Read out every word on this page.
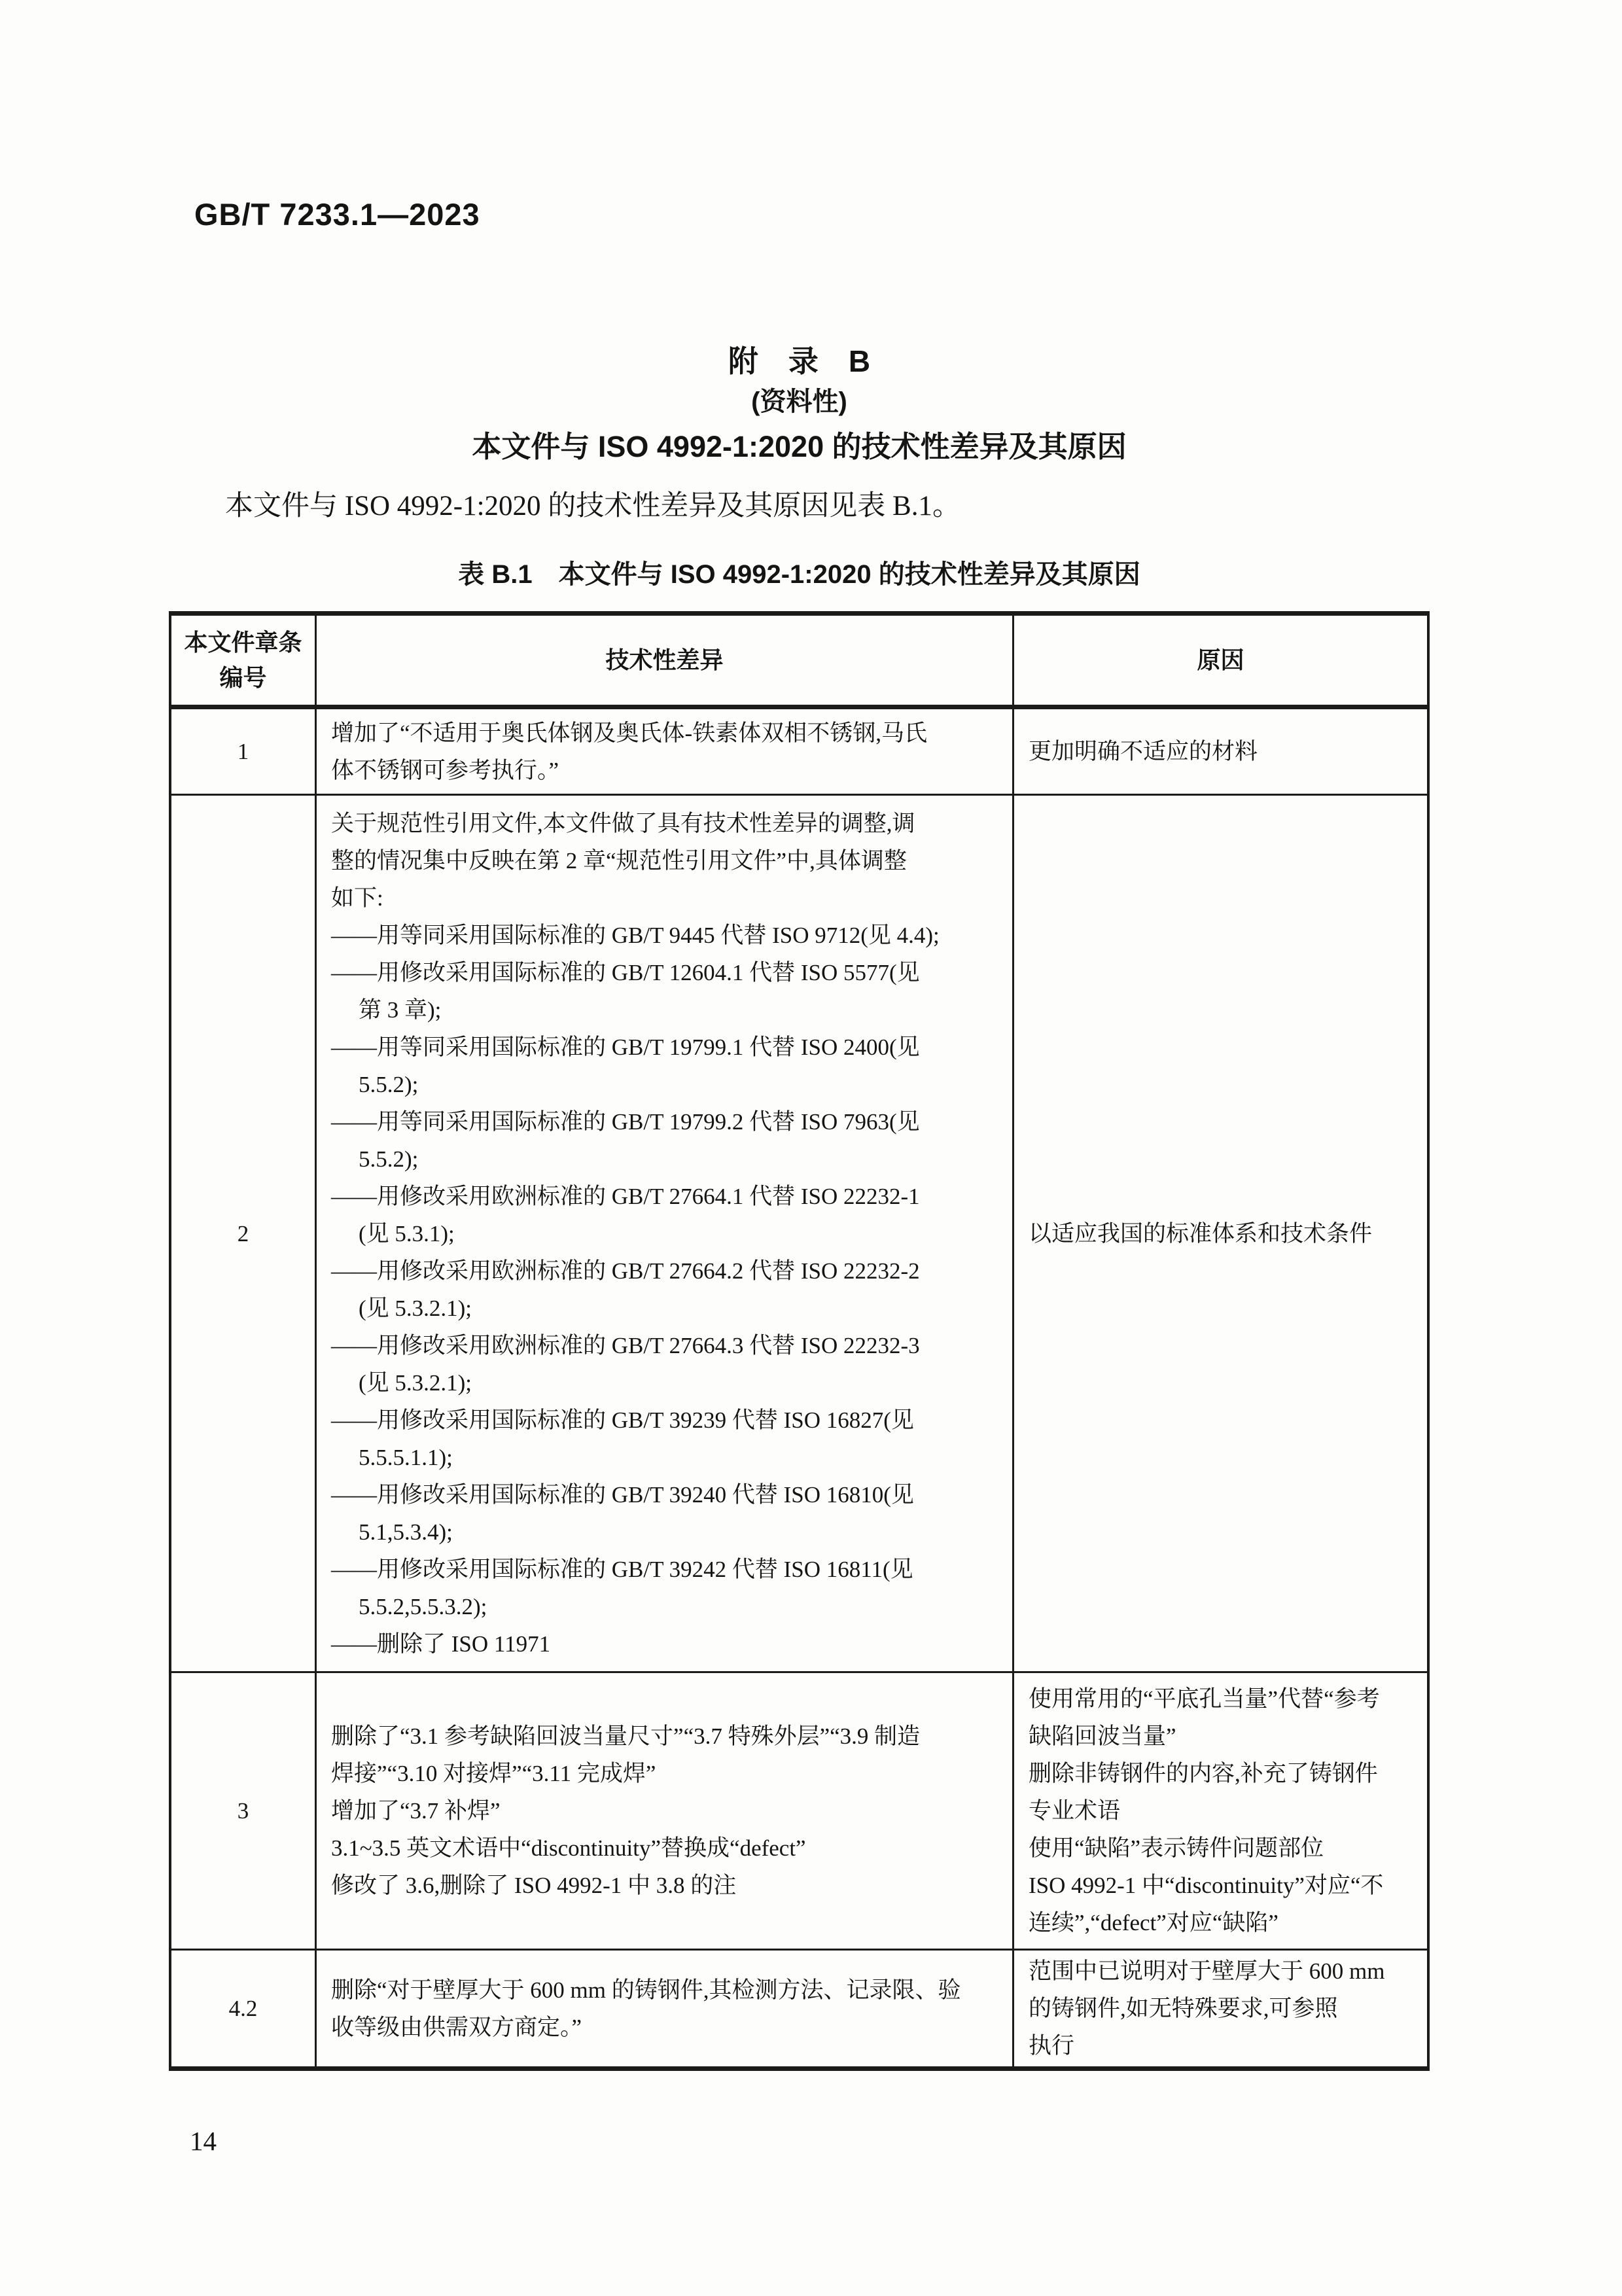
GB/T 7233.1—2023
附　录　B
(资料性)
本文件与 ISO 4992-1:2020 的技术性差异及其原因

本文件与 ISO 4992-1:2020 的技术性差异及其原因见表 B.1。

表 B.1　本文件与 ISO 4992-1:2020 的技术性差异及其原因
本文件章条
编号
技术性差异	原因
1
增加了“不适用于奥氏体钢及奥氏体-铁素体双相不锈钢,马氏
体不锈钢可参考执行。”
更加明确不适应的材料
2
关于规范性引用文件,本文件做了具有技术性差异的调整,调
整的情况集中反映在第 2 章“规范性引用文件”中,具体调整
如下:
——用等同采用国际标准的 GB/T 9445 代替 ISO 9712(见 4.4);
——用修改采用国际标准的 GB/T 12604.1 代替 ISO 5577(见
第 3 章);
——用等同采用国际标准的 GB/T 19799.1 代替 ISO 2400(见
5.5.2);
——用等同采用国际标准的 GB/T 19799.2 代替 ISO 7963(见
5.5.2);
——用修改采用欧洲标准的 GB/T 27664.1 代替 ISO 22232-1
(见 5.3.1);
——用修改采用欧洲标准的 GB/T 27664.2 代替 ISO 22232-2
(见 5.3.2.1);
——用修改采用欧洲标准的 GB/T 27664.3 代替 ISO 22232-3
(见 5.3.2.1);
——用修改采用国际标准的 GB/T 39239 代替 ISO 16827(见
5.5.5.1.1);
——用修改采用国际标准的 GB/T 39240 代替 ISO 16810(见
5.1,5.3.4);
——用修改采用国际标准的 GB/T 39242 代替 ISO 16811(见
5.5.2,5.5.3.2);
——删除了 ISO 11971
以适应我国的标准体系和技术条件
3
删除了“3.1 参考缺陷回波当量尺寸”“3.7 特殊外层”“3.9 制造
焊接”“3.10 对接焊”“3.11 完成焊”
增加了“3.7 补焊”
3.1~3.5 英文术语中“discontinuity”替换成“defect”
修改了 3.6,删除了 ISO 4992-1 中 3.8 的注
使用常用的“平底孔当量”代替“参考
缺陷回波当量”
删除非铸钢件的内容,补充了铸钢件
专业术语
使用“缺陷”表示铸件问题部位
ISO 4992-1 中“discontinuity”对应“不
连续”,“defect”对应“缺陷”
4.2
删除“对于壁厚大于 600 mm 的铸钢件,其检测方法、记录限、验
收等级由供需双方商定。”
范围中已说明对于壁厚大于 600 mm
的铸钢件,如无特殊要求,可参照
执行
14
